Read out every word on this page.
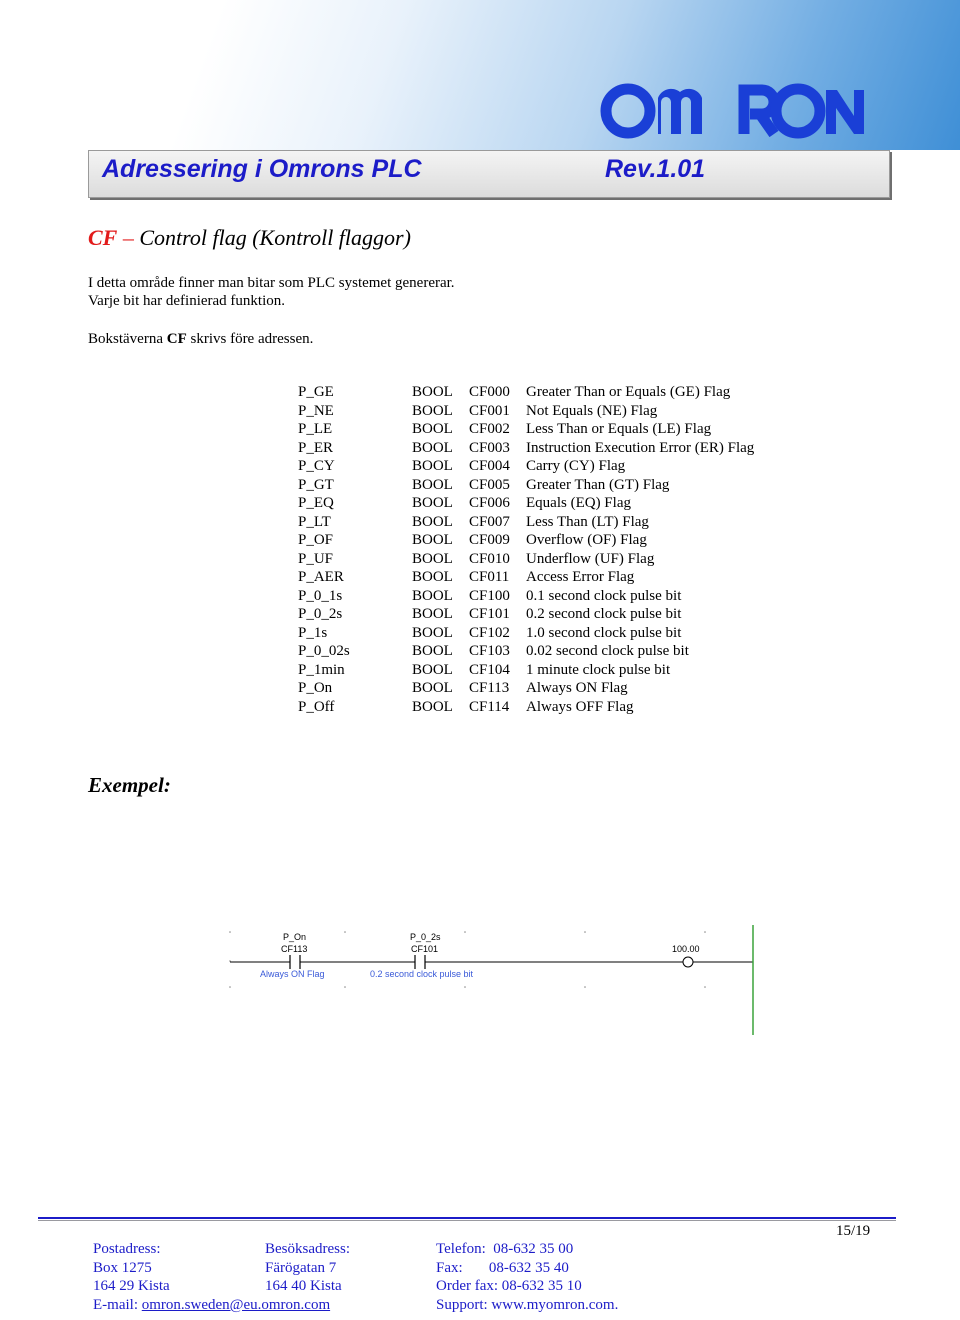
Adressering i Omrons PLC	Rev.1.01
CF – Control flag (Kontroll flaggor)
I detta område finner man bitar som PLC systemet genererar.
Varje bit har definierad funktion.
Bokstäverna CF skrivs före adressen.
P_GE	BOOL	CF000	Greater Than or Equals (GE) Flag
P_NE	BOOL	CF001	Not Equals (NE) Flag
P_LE	BOOL	CF002	Less Than or Equals (LE) Flag
P_ER	BOOL	CF003	Instruction Execution Error (ER) Flag
P_CY	BOOL	CF004	Carry (CY) Flag
P_GT	BOOL	CF005	Greater Than (GT) Flag
P_EQ	BOOL	CF006	Equals (EQ) Flag
P_LT	BOOL	CF007	Less Than (LT) Flag
P_OF	BOOL	CF009	Overflow (OF) Flag
P_UF	BOOL	CF010	Underflow (UF) Flag
P_AER	BOOL	CF011	Access Error Flag
P_0_1s	BOOL	CF100	0.1 second clock pulse bit
P_0_2s	BOOL	CF101	0.2 second clock pulse bit
P_1s	BOOL	CF102	1.0 second clock pulse bit
P_0_02s	BOOL	CF103	0.02 second clock pulse bit
P_1min	BOOL	CF104	1 minute clock pulse bit
P_On	BOOL	CF113	Always ON Flag
P_Off	BOOL	CF114	Always OFF Flag
Exempel:
P_On
CF113
Always ON Flag
P_0_2s
CF101
0.2 second clock pulse bit
100.00
15/19
Postadress:
Box 1275
164 29 Kista
E-mail: omron.sweden@eu.omron.com
Besöksadress:
Färögatan 7
164 40 Kista
Telefon:  08-632 35 00
Fax:       08-632 35 40
Order fax: 08-632 35 10
Support: www.myomron.com.
